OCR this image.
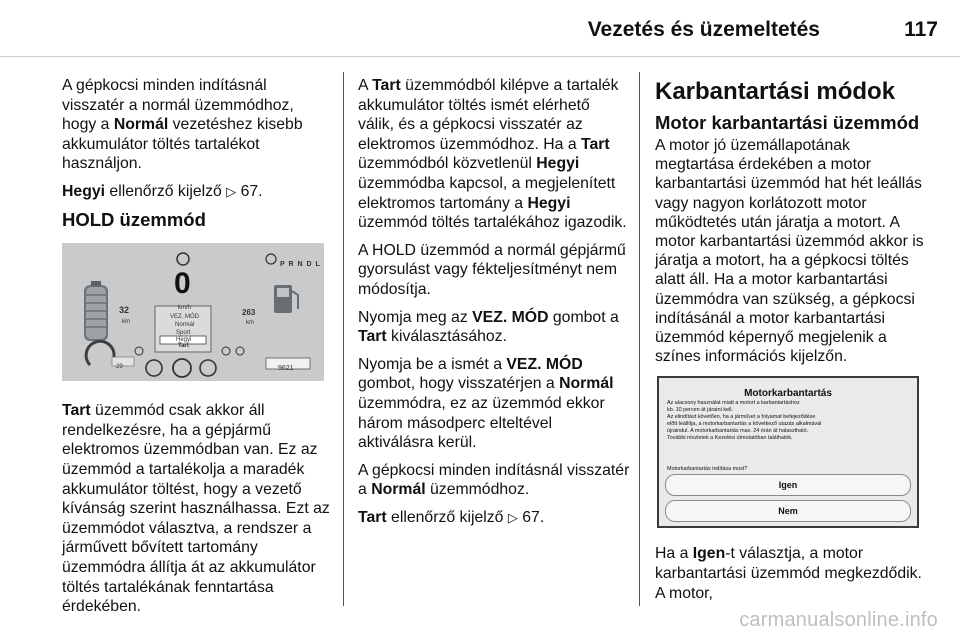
Vezetés és üzemeltetés	117

A gépkocsi minden indításnál visszatér a normál üzemmódhoz, hogy a Normál vezetéshez kisebb akkumulátor töltés tartalékot használjon.

Hegyi ellenőrző kijelző ▷ 67.

HOLD üzemmód
P R N D L
0
km/h
32
km
263
km
VEZ. MÓD
Normál
Sport
Hegyi
Tart
29	9621

Tart üzemmód csak akkor áll rendelkezésre, ha a gépjármű elektromos üzemmódban van. Ez az üzemmód a tartalékolja a maradék akkumulátor töltést, hogy a vezető kívánság szerint használhassa. Ezt az üzemmódot választva, a rendszer a járművett bővített tartomány üzemmódra állítja át az akkumulátor töltés tartalékának fenntartása érdekében.

A Tart üzemmódból kilépve a tartalék akkumulátor töltés ismét elérhető válik, és a gépkocsi visszatér az elektromos üzemmódhoz. Ha a Tart üzemmódból közvetlenül Hegyi üzemmódba kapcsol, a megjelenített elektromos tartomány a Hegyi üzemmód töltés tartalékához igazodik.

A HOLD üzemmód a normál gépjármű gyorsulást vagy fékteljesítményt nem módosítja.

Nyomja meg az VEZ. MÓD gombot a Tart kiválasztásához.

Nyomja be a ismét a VEZ. MÓD gombot, hogy visszatérjen a Normál üzemmódra, ez az üzemmód ekkor három másodperc elteltével aktiválásra kerül.

A gépkocsi minden indításnál visszatér a Normál üzemmódhoz.

Tart ellenőrző kijelző ▷ 67.

Karbantartási módok
Motor karbantartási üzemmód

A motor jó üzemállapotának megtartása érdekében a motor karbantartási üzemmód hat hét leállás vagy nagyon korlátozott motor működtetés után járatja a motort. A motor karbantartási üzemmód akkor is járatja a motort, ha a gépkocsi töltés alatt áll. Ha a motor karbantartási üzemmódra van szükség, a gépkocsi indításánál a motor karbantartási üzemmód képernyő megjelenik a színes információs kijelzőn.

Motorkarbantartás
Az alacsony használat miatt a motort a karbantartáshoz
kb. 10 percen át járatni kell.
Az elindítást követően, ha a járművet a folyamat befejeződése
előtt leállítja, a motorkarbantartás a következő utazás alkalmával
újraindul. A motorkarbantartás max. 24 órán át halasztható.
További részletek a Kezelési útmutatóban találhatók.
Motorkarbantartás indítása most?
Igen
Nem

Ha a Igen-t választja, a motor karbantartási üzemmód megkezdődik. A motor,

carmanualsonline.info
